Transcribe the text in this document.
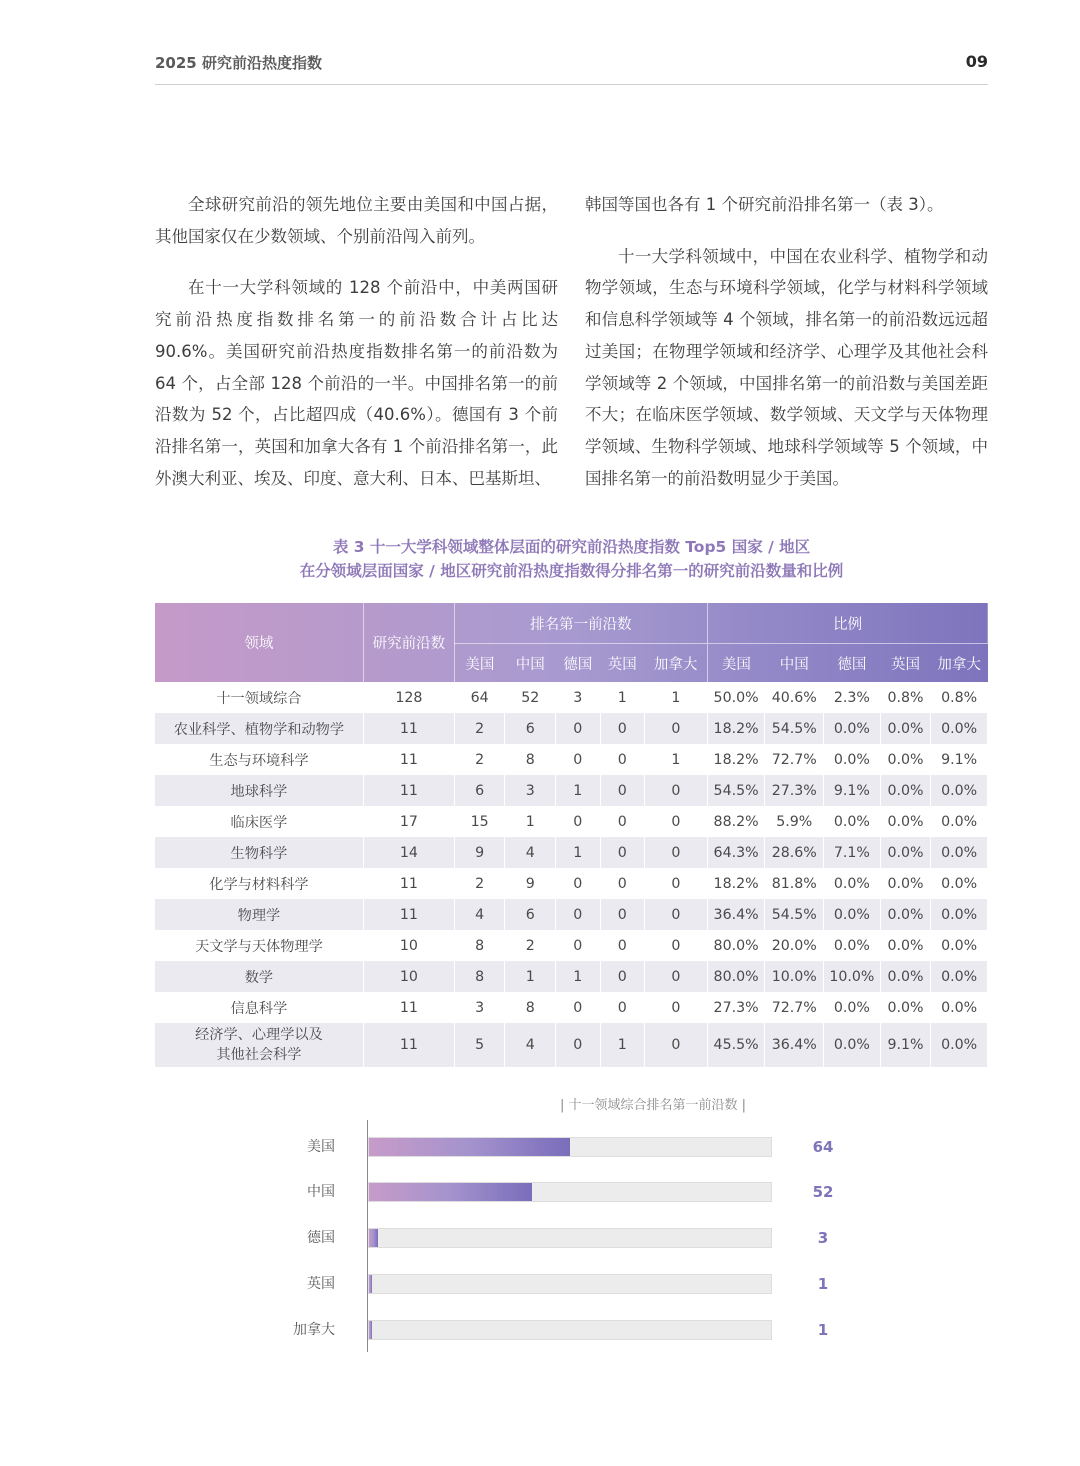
2025 研究前沿热度指数	09

全球研究前沿的领先地位主要由美国和中国占据，其他国家仅在少数领域、个别前沿闯入前列。

在十一大学科领域的 128 个前沿中，中美两国研究前沿热度指数排名第一的前沿数合计占比达 90.6%。美国研究前沿热度指数排名第一的前沿数为 64 个，占全部 128 个前沿的一半。中国排名第一的前沿数为 52 个，占比超四成（40.6%）。德国有 3 个前沿排名第一，英国和加拿大各有 1 个前沿排名第一，此外澳大利亚、埃及、印度、意大利、日本、巴基斯坦、

韩国等国也各有 1 个研究前沿排名第一（表 3）。

十一大学科领域中，中国在农业科学、植物学和动物学领域，生态与环境科学领域，化学与材料科学领域和信息科学领域等 4 个领域，排名第一的前沿数远远超过美国；在物理学领域和经济学、心理学及其他社会科学领域等 2 个领域，中国排名第一的前沿数与美国差距不大；在临床医学领域、数学领域、天文学与天体物理学领域、生物科学领域、地球科学领域等 5 个领域，中国排名第一的前沿数明显少于美国。

表 3 十一大学科领域整体层面的研究前沿热度指数 Top5 国家 / 地区
在分领域层面国家 / 地区研究前沿热度指数得分排名第一的研究前沿数量和比例
领域	研究前沿数	排名第一前沿数					比例				
		美国	中国	德国	英国	加拿大	美国	中国	德国	英国	加拿大
十一领域综合	128	64	52	3	1	1	50.0%	40.6%	2.3%	0.8%	0.8%
农业科学、植物学和动物学	11	2	6	0	0	0	18.2%	54.5%	0.0%	0.0%	0.0%
生态与环境科学	11	2	8	0	0	1	18.2%	72.7%	0.0%	0.0%	9.1%
地球科学	11	6	3	1	0	0	54.5%	27.3%	9.1%	0.0%	0.0%
临床医学	17	15	1	0	0	0	88.2%	5.9%	0.0%	0.0%	0.0%
生物科学	14	9	4	1	0	0	64.3%	28.6%	7.1%	0.0%	0.0%
化学与材料科学	11	2	9	0	0	0	18.2%	81.8%	0.0%	0.0%	0.0%
物理学	11	4	6	0	0	0	36.4%	54.5%	0.0%	0.0%	0.0%
天文学与天体物理学	10	8	2	0	0	0	80.0%	20.0%	0.0%	0.0%	0.0%
数学	10	8	1	1	0	0	80.0%	10.0%	10.0%	0.0%	0.0%
信息科学	11	3	8	0	0	0	27.3%	72.7%	0.0%	0.0%	0.0%
经济学、心理学以及
其他社会科学	11	5	4	0	1	0	45.5%	36.4%	0.0%	9.1%	0.0%
| 十一领域综合排名第一前沿数 |
美国	64
中国	52
德国	3
英国	1
加拿大	1
